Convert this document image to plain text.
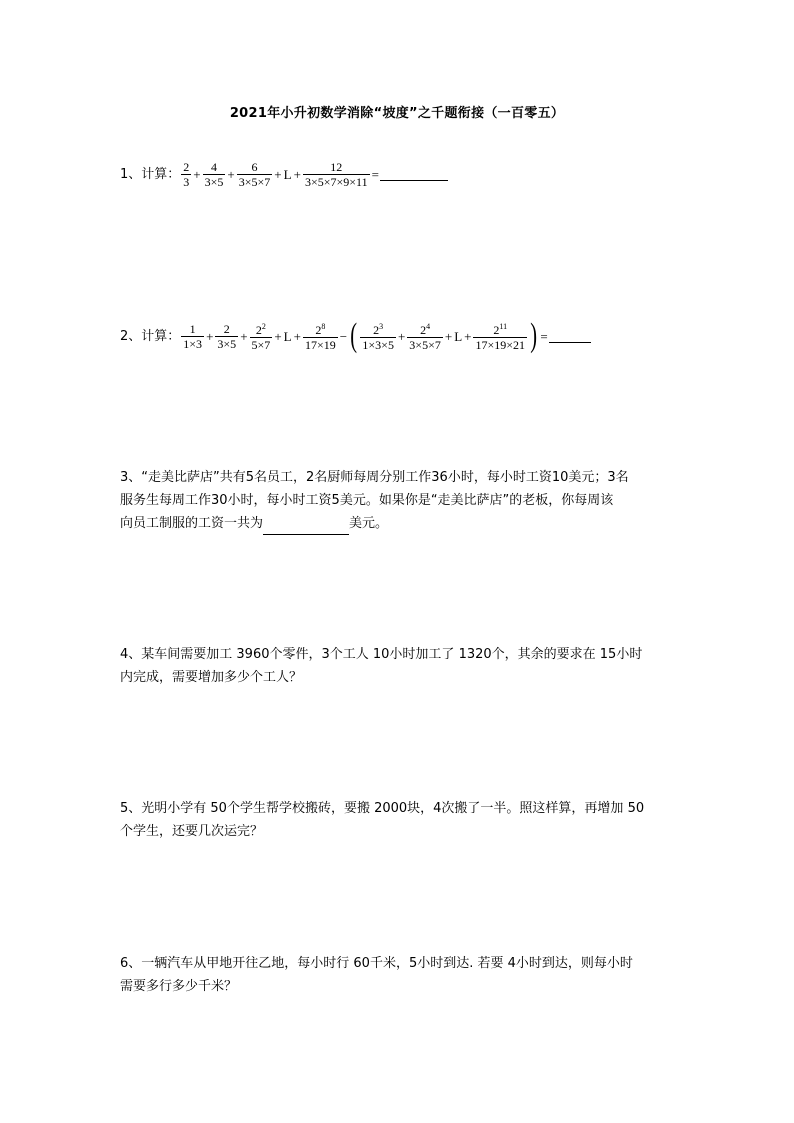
2021年小升初数学消除“坡度”之千题衔接（一百零五）
1、计算： $\frac{2}{3} + \frac{4}{3\times 5} + \frac{6}{3\times 5\times 7} + L + \frac{12}{3\times 5\times 7\times 9\times 11}$ =
2、计算： $\frac{1}{1\times 3} + \frac{2}{3\times 5} + \frac{2^2}{5\times 7} + L + \frac{2^8}{17\times 19}$ − ( $\frac{2^3}{1\times 3\times 5} + \frac{2^4}{3\times 5\times 7} + L + \frac{2^{11}}{17\times 19\times 21}$ ) =
3、“走美比萨店”共有5名员工，2名厨师每周分别工作36小时，每小时工资10美元；3名
服务生每周工作30小时，每小时工资5美元。如果你是“走美比萨店”的老板，你每周该
向员工制服的工资一共为	美元。
4、某车间需要加工 3960个零件，3个工人 10小时加工了 1320个，其余的要求在 15小时
内完成，需要增加多少个工人？
5、光明小学有 50个学生帮学校搬砖，要搬 2000块，4次搬了一半。照这样算，再增加 50
个学生，还要几次运完？
6、一辆汽车从甲地开往乙地，每小时行 60千米，5小时到达. 若要 4小时到达，则每小时
需要多行多少千米？
